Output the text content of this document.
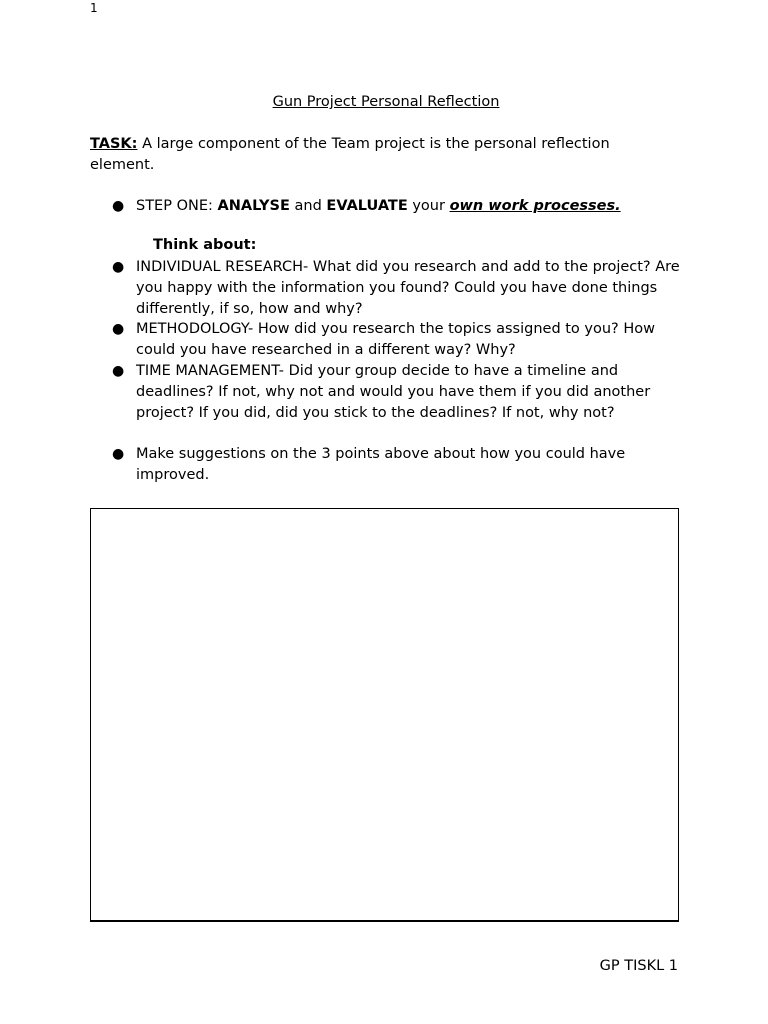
1
Gun Project Personal Reflection
TASK: A large component of the Team project is the personal reflection element.
● STEP ONE: ANALYSE and EVALUATE your own work processes.
Think about:
● INDIVIDUAL RESEARCH- What did you research and add to the project? Are you happy with the information you found? Could you have done things differently, if so, how and why?
● METHODOLOGY- How did you research the topics assigned to you? How could you have researched in a different way? Why?
● TIME MANAGEMENT- Did your group decide to have a timeline and deadlines? If not, why not and would you have them if you did another project? If you did, did you stick to the deadlines? If not, why not?
● Make suggestions on the 3 points above about how you could have improved.
GP TISKL 1
